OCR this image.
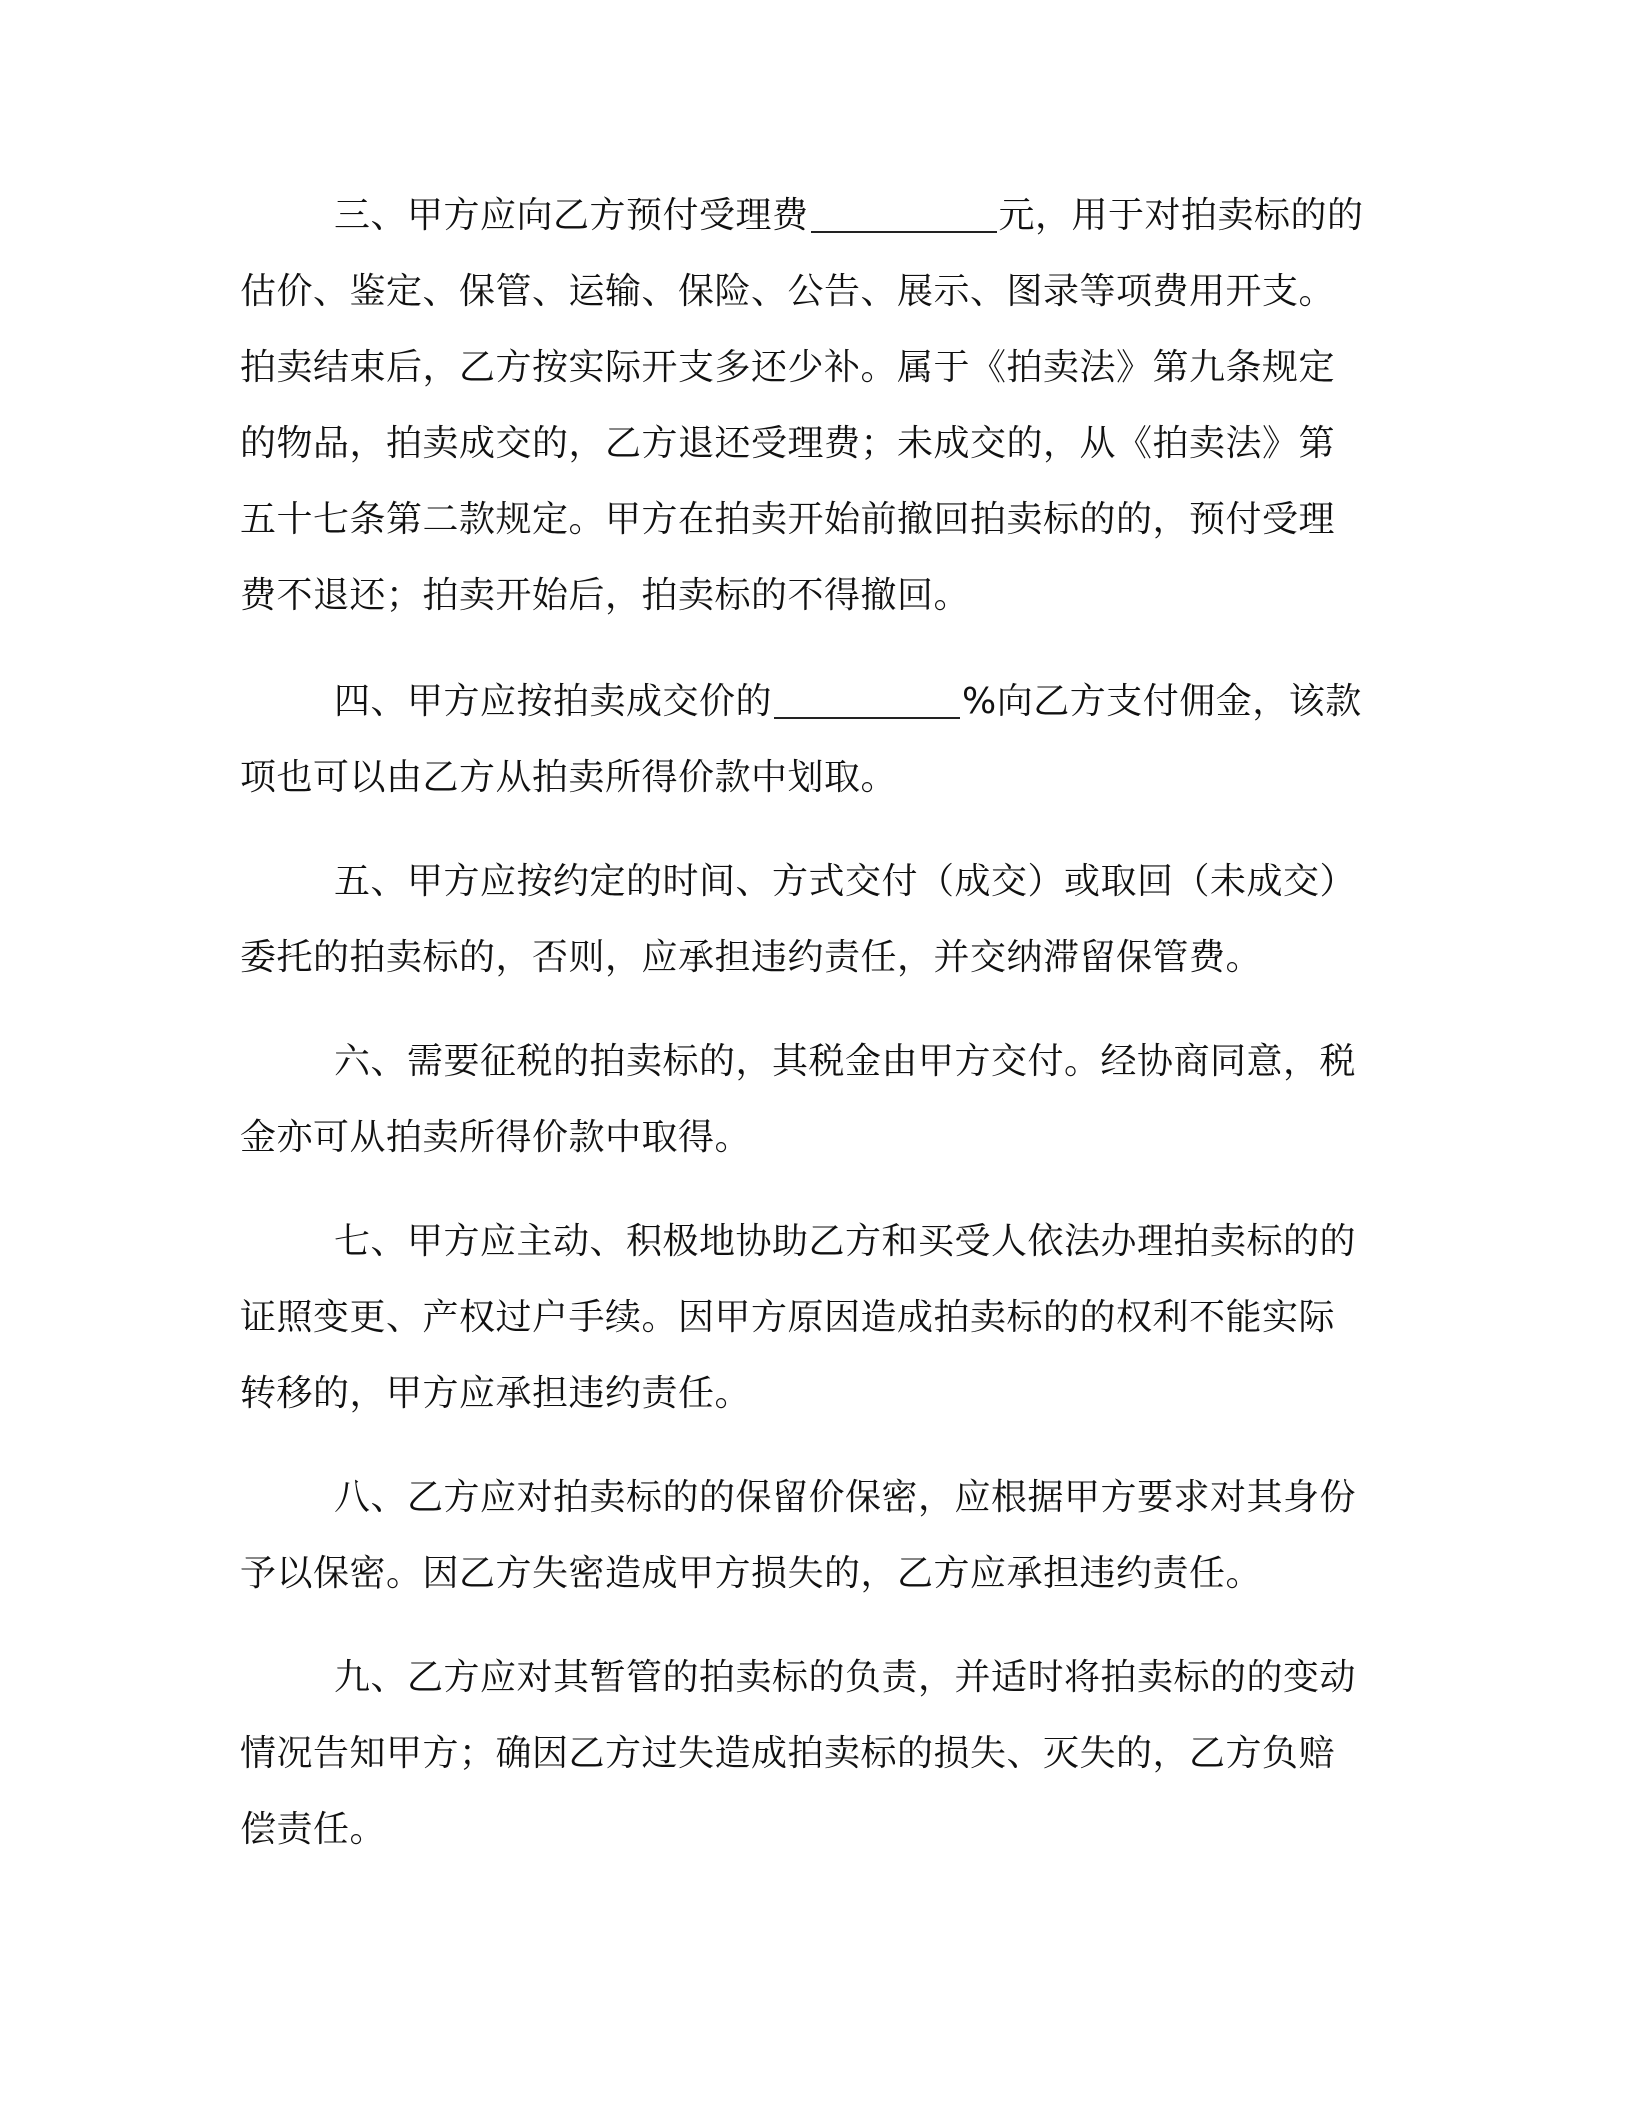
三、甲方应向乙方预付受理费	元，用于对拍卖标的的
估价、鉴定、保管、运输、保险、公告、展示、图录等项费用开支。
拍卖结束后，乙方按实际开支多还少补。属于《拍卖法》第九条规定
的物品，拍卖成交的，乙方退还受理费；未成交的，从《拍卖法》第
五十七条第二款规定。甲方在拍卖开始前撤回拍卖标的的，预付受理
费不退还；拍卖开始后，拍卖标的不得撤回。
四、甲方应按拍卖成交价的	%向乙方支付佣金，该款
项也可以由乙方从拍卖所得价款中划取。
五、甲方应按约定的时间、方式交付（成交）或取回（未成交）
委托的拍卖标的，否则，应承担违约责任，并交纳滞留保管费。
六、需要征税的拍卖标的，其税金由甲方交付。经协商同意，税
金亦可从拍卖所得价款中取得。
七、甲方应主动、积极地协助乙方和买受人依法办理拍卖标的的
证照变更、产权过户手续。因甲方原因造成拍卖标的的权利不能实际
转移的，甲方应承担违约责任。
八、乙方应对拍卖标的的保留价保密，应根据甲方要求对其身份
予以保密。因乙方失密造成甲方损失的，乙方应承担违约责任。
九、乙方应对其暂管的拍卖标的负责，并适时将拍卖标的的变动
情况告知甲方；确因乙方过失造成拍卖标的损失、灭失的，乙方负赔
偿责任。
